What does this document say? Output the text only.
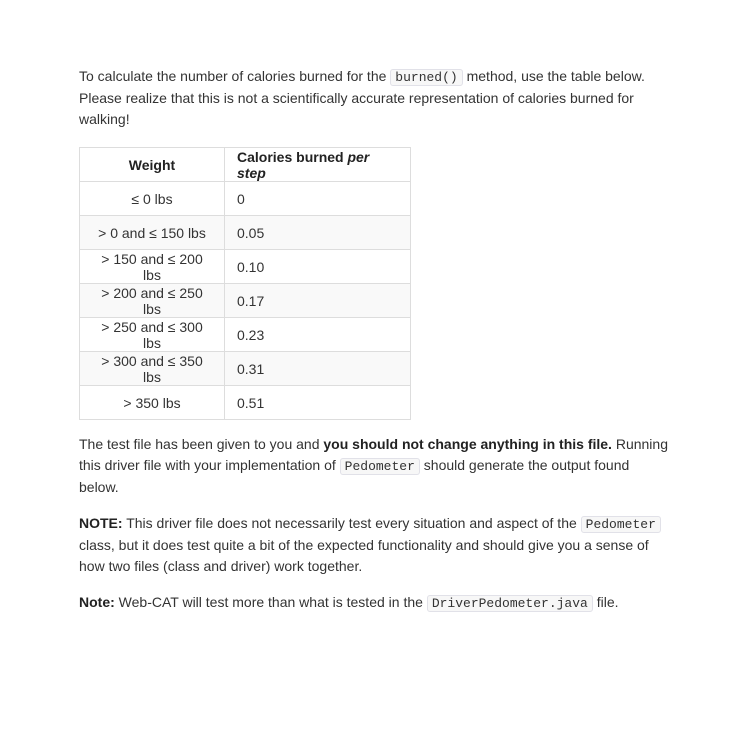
To calculate the number of calories burned for the burned() method, use the table below. Please realize that this is not a scientifically accurate representation of calories burned for walking!

Weight	Calories burned per step
≤ 0 lbs	0
> 0 and ≤ 150 lbs	0.05
> 150 and ≤ 200 lbs	0.10
> 200 and ≤ 250 lbs	0.17
> 250 and ≤ 300 lbs	0.23
> 300 and ≤ 350 lbs	0.31
> 350 lbs	0.51

The test file has been given to you and you should not change anything in this file. Running this driver file with your implementation of Pedometer should generate the output found below.

NOTE: This driver file does not necessarily test every situation and aspect of the Pedometer class, but it does test quite a bit of the expected functionality and should give you a sense of how two files (class and driver) work together.

Note: Web-CAT will test more than what is tested in the DriverPedometer.java file.
